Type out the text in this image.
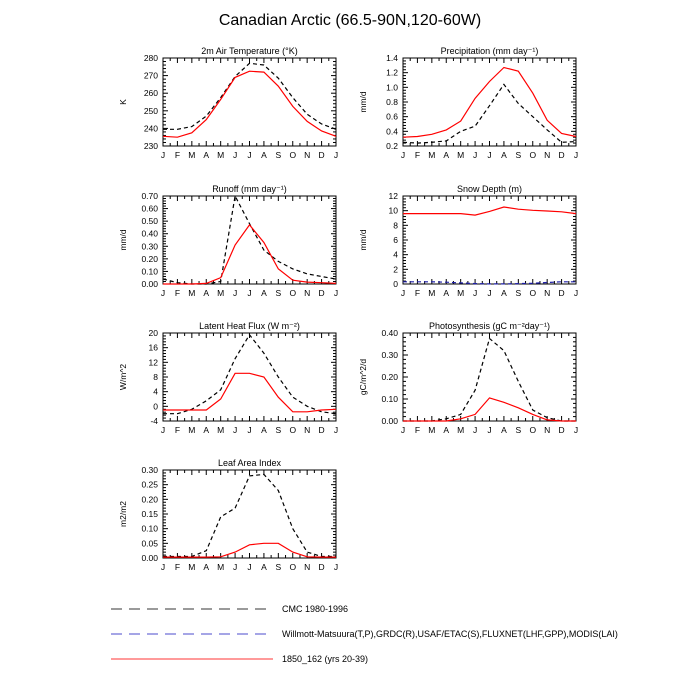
Canadian Arctic (66.5-90N,120-60W)
2m Air Temperature (°K)
K
J F M A M J J A S O N D J
230
240
250
260
270
280
Precipitation (mm day⁻¹)
mm/d
J F M A M J J A S O N D J
0.2
0.4
0.6
0.8
1.0
1.2
1.4
Runoff (mm day⁻¹)
mm/d
J F M A M J J A S O N D J
0.00
0.10
0.20
0.30
0.40
0.50
0.60
0.70
Snow Depth (m)
mm/d
J F M A M J J A S O N D J
0
2
4
6
8
10
12
Latent Heat Flux (W m⁻²)
W/m^2
J F M A M J J A S O N D J
-4
0
4
8
12
16
20
Photosynthesis (gC m⁻²day⁻¹)
gC/m^2/d
J F M A M J J A S O N D J
0.00
0.10
0.20
0.30
0.40
Leaf Area Index
m2/m2
J F M A M J J A S O N D J
0.00
0.05
0.10
0.15
0.20
0.25
0.30
CMC 1980-1996
Willmott-Matsuura(T,P),GRDC(R),USAF/ETAC(S),FLUXNET(LHF,GPP),MODIS(LAI)
1850_162 (yrs 20-39)
